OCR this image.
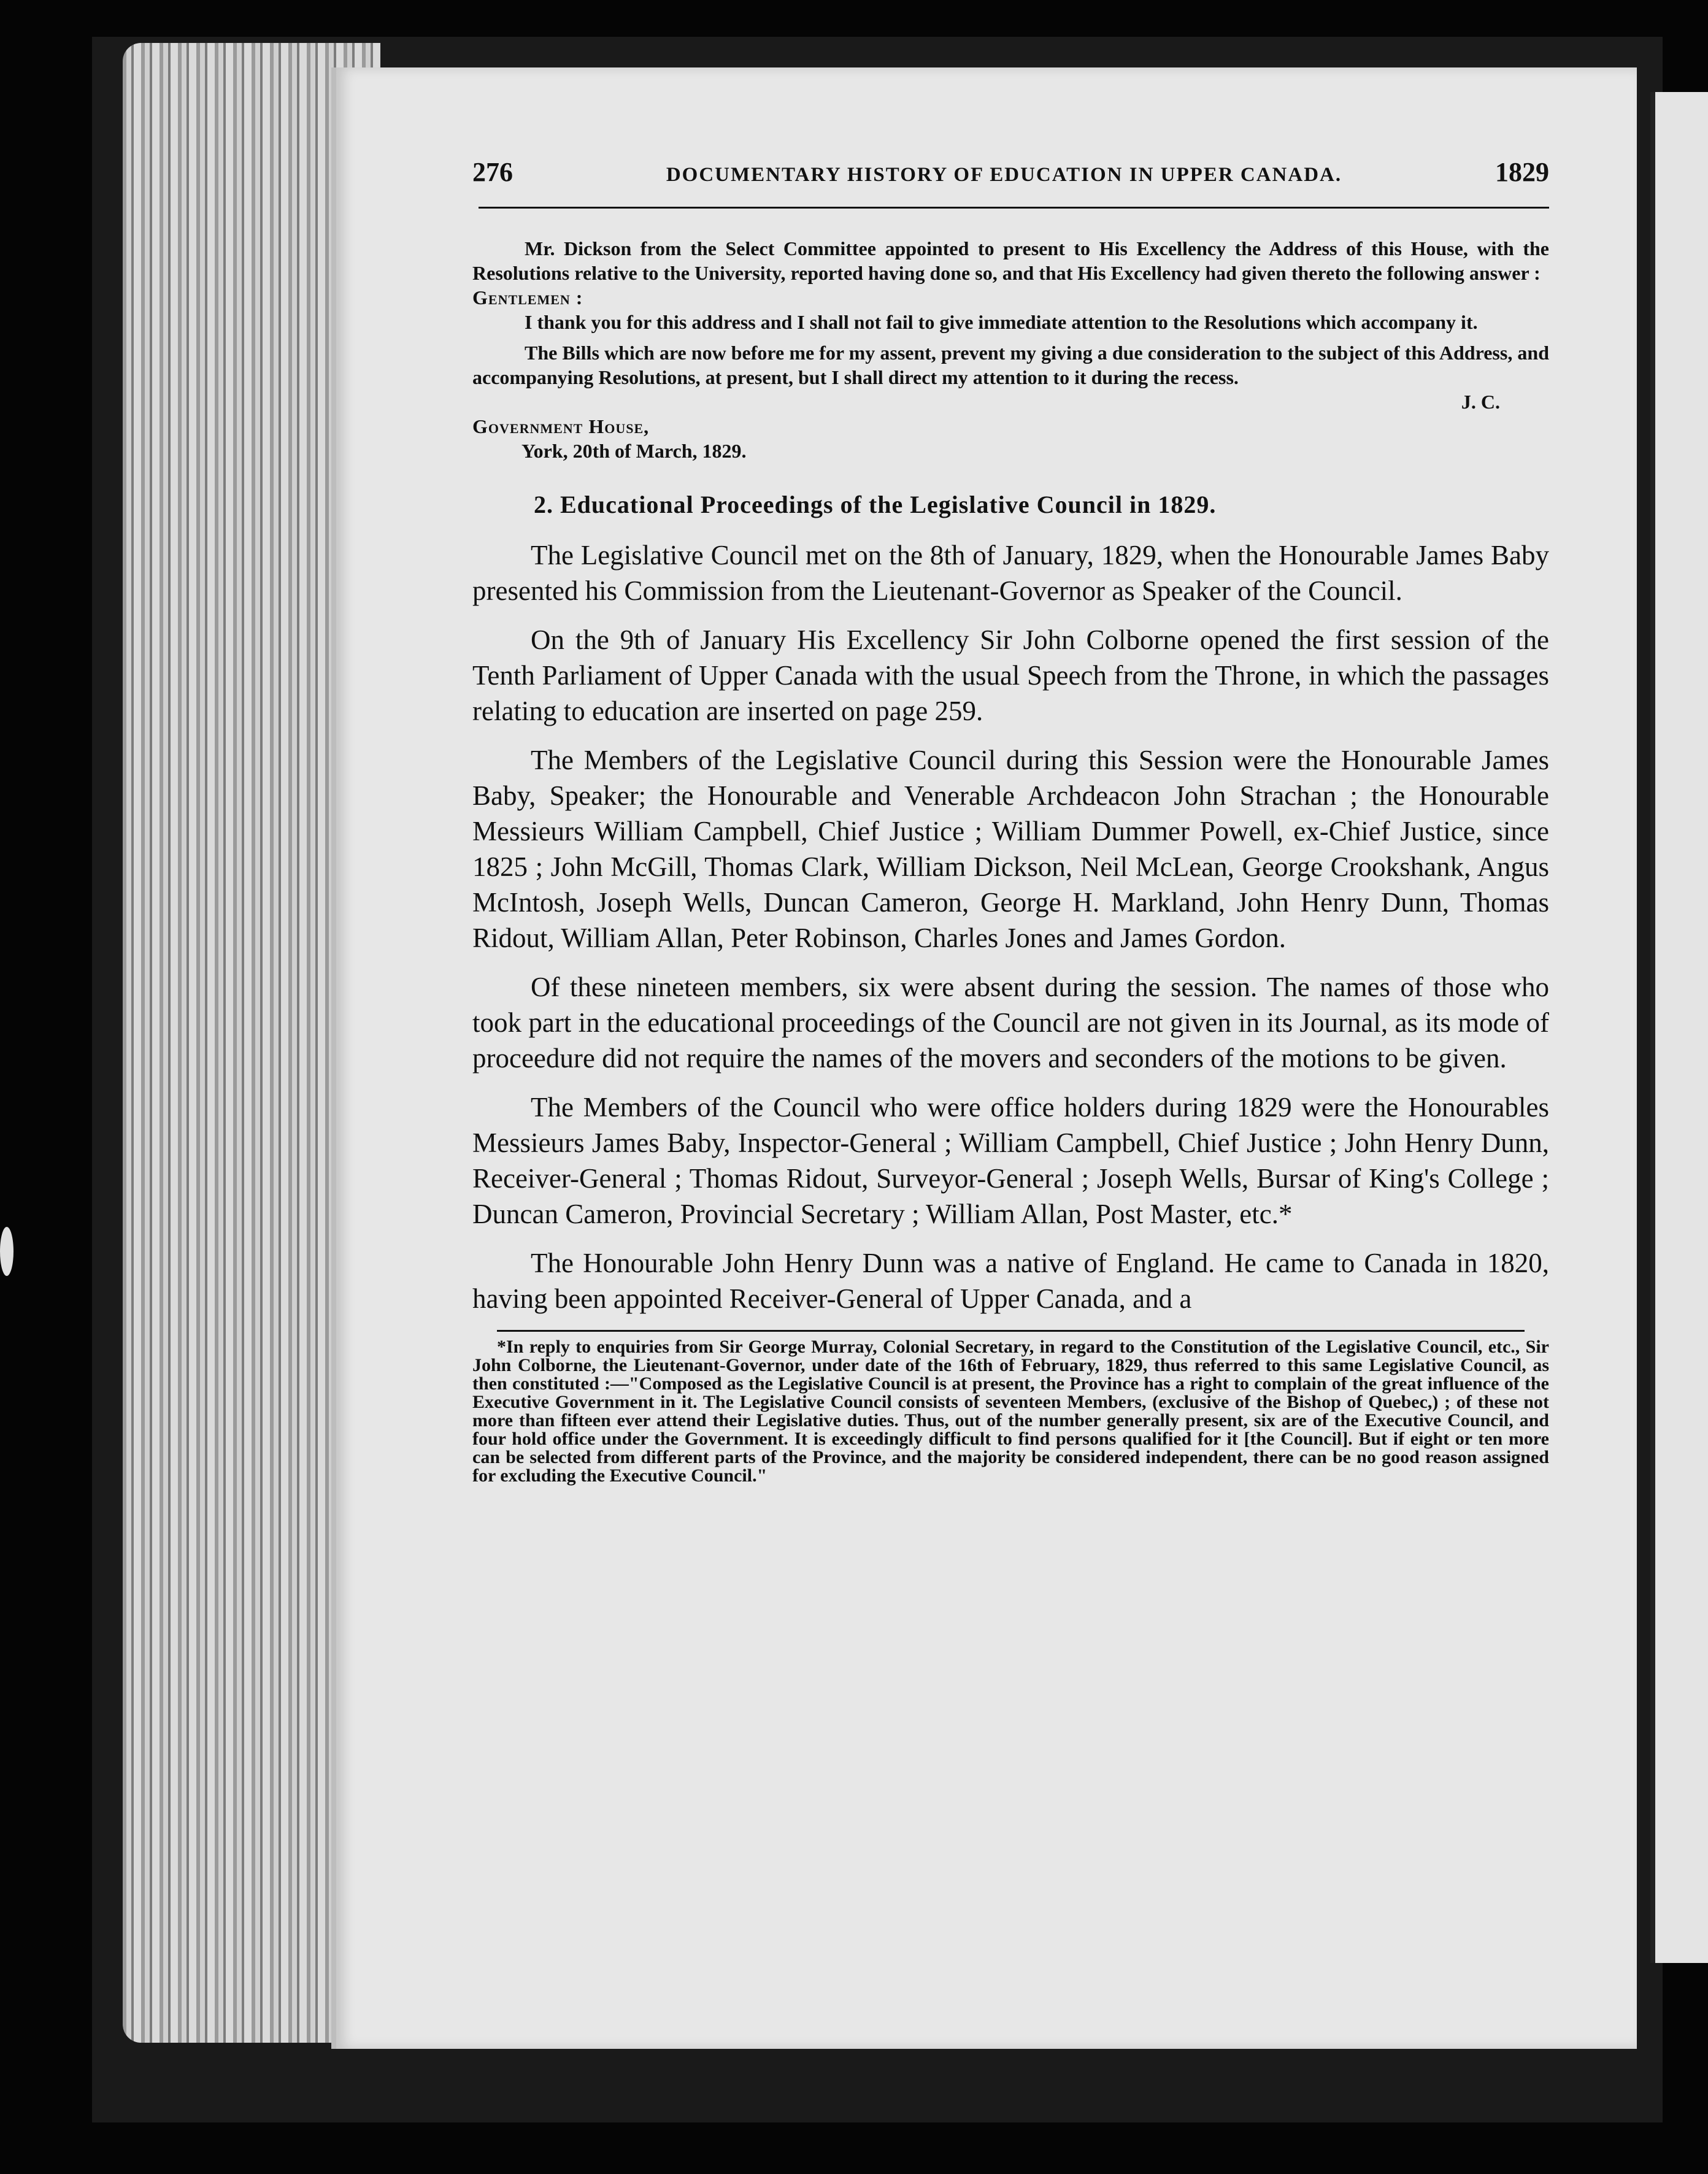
276	DOCUMENTARY HISTORY OF EDUCATION IN UPPER CANADA.	1829

Mr. Dickson from the Select Committee appointed to present to His Excellency the Address of this House, with the Resolutions relative to the University, reported having done so, and that His Excellency had given thereto the following answer :

Gentlemen :

I thank you for this address and I shall not fail to give immediate attention to the Resolutions which accompany it.

The Bills which are now before me for my assent, prevent my giving a due consideration to the subject of this Address, and accompanying Resolutions, at present, but I shall direct my attention to it during the recess.

J. C.

Government House,

York, 20th of March, 1829.

2. Educational Proceedings of the Legislative Council in 1829.

The Legislative Council met on the 8th of January, 1829, when the Honourable James Baby presented his Commission from the Lieutenant-Governor as Speaker of the Council.

On the 9th of January His Excellency Sir John Colborne opened the first session of the Tenth Parliament of Upper Canada with the usual Speech from the Throne, in which the passages relating to education are inserted on page 259.

The Members of the Legislative Council during this Session were the Honourable James Baby, Speaker; the Honourable and Venerable Archdeacon John Strachan ; the Honourable Messieurs William Campbell, Chief Justice ; William Dummer Powell, ex-Chief Justice, since 1825 ; John McGill, Thomas Clark, William Dickson, Neil McLean, George Crookshank, Angus McIntosh, Joseph Wells, Duncan Cameron, George H. Markland, John Henry Dunn, Thomas Ridout, William Allan, Peter Robinson, Charles Jones and James Gordon.

Of these nineteen members, six were absent during the session. The names of those who took part in the educational proceedings of the Council are not given in its Journal, as its mode of proceedure did not require the names of the movers and seconders of the motions to be given.

The Members of the Council who were office holders during 1829 were the Honourables Messieurs James Baby, Inspector-General ; William Campbell, Chief Justice ; John Henry Dunn, Receiver-General ; Thomas Ridout, Surveyor-General ; Joseph Wells, Bursar of King's College ; Duncan Cameron, Provincial Secretary ; William Allan, Post Master, etc.*

The Honourable John Henry Dunn was a native of England. He came to Canada in 1820, having been appointed Receiver-General of Upper Canada, and a

*In reply to enquiries from Sir George Murray, Colonial Secretary, in regard to the Constitution of the Legislative Council, etc., Sir John Colborne, the Lieutenant-Governor, under date of the 16th of February, 1829, thus referred to this same Legislative Council, as then constituted :—"Composed as the Legislative Council is at present, the Province has a right to complain of the great influence of the Executive Government in it. The Legislative Council consists of seventeen Members, (exclusive of the Bishop of Quebec,) ; of these not more than fifteen ever attend their Legislative duties. Thus, out of the number generally present, six are of the Executive Council, and four hold office under the Government. It is exceedingly difficult to find persons qualified for it [the Council]. But if eight or ten more can be selected from different parts of the Province, and the majority be considered independent, there can be no good reason assigned for excluding the Executive Council."
